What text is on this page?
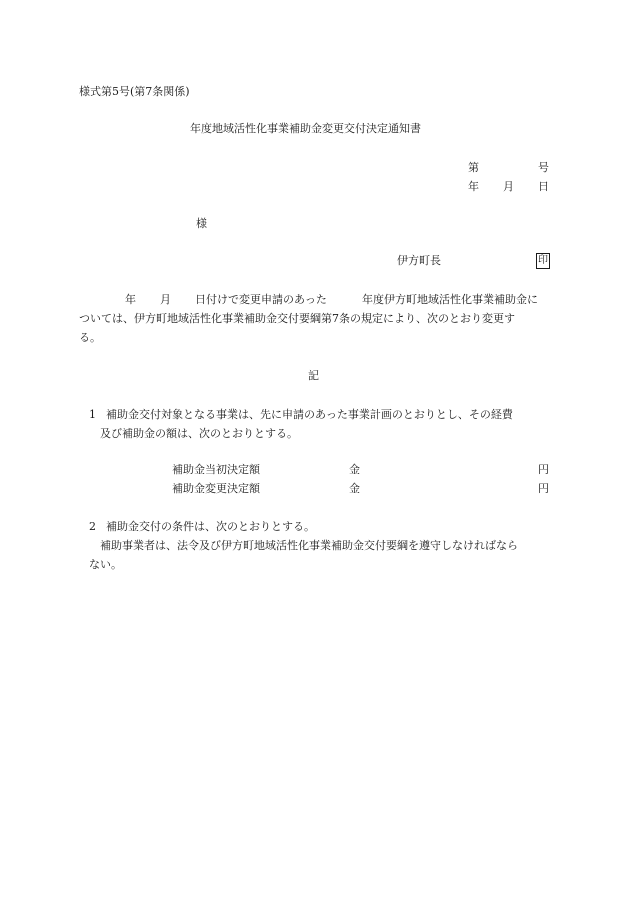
様式第5号(第7条関係)
年度地域活性化事業補助金変更交付決定通知書
第	号
年 月 日
様
伊方町長	印
年 月 日付けで変更申請のあった	年度伊方町地域活性化事業補助金に
ついては、伊方町地域活性化事業補助金交付要綱第7条の規定により、次のとおり変更す
る。
記
1 補助金交付対象となる事業は、先に申請のあった事業計画のとおりとし、その経費
及び補助金の額は、次のとおりとする。
補助金当初決定額	金	円
補助金変更決定額	金	円
2 補助金交付の条件は、次のとおりとする。
補助事業者は、法令及び伊方町地域活性化事業補助金交付要綱を遵守しなければなら
ない。
